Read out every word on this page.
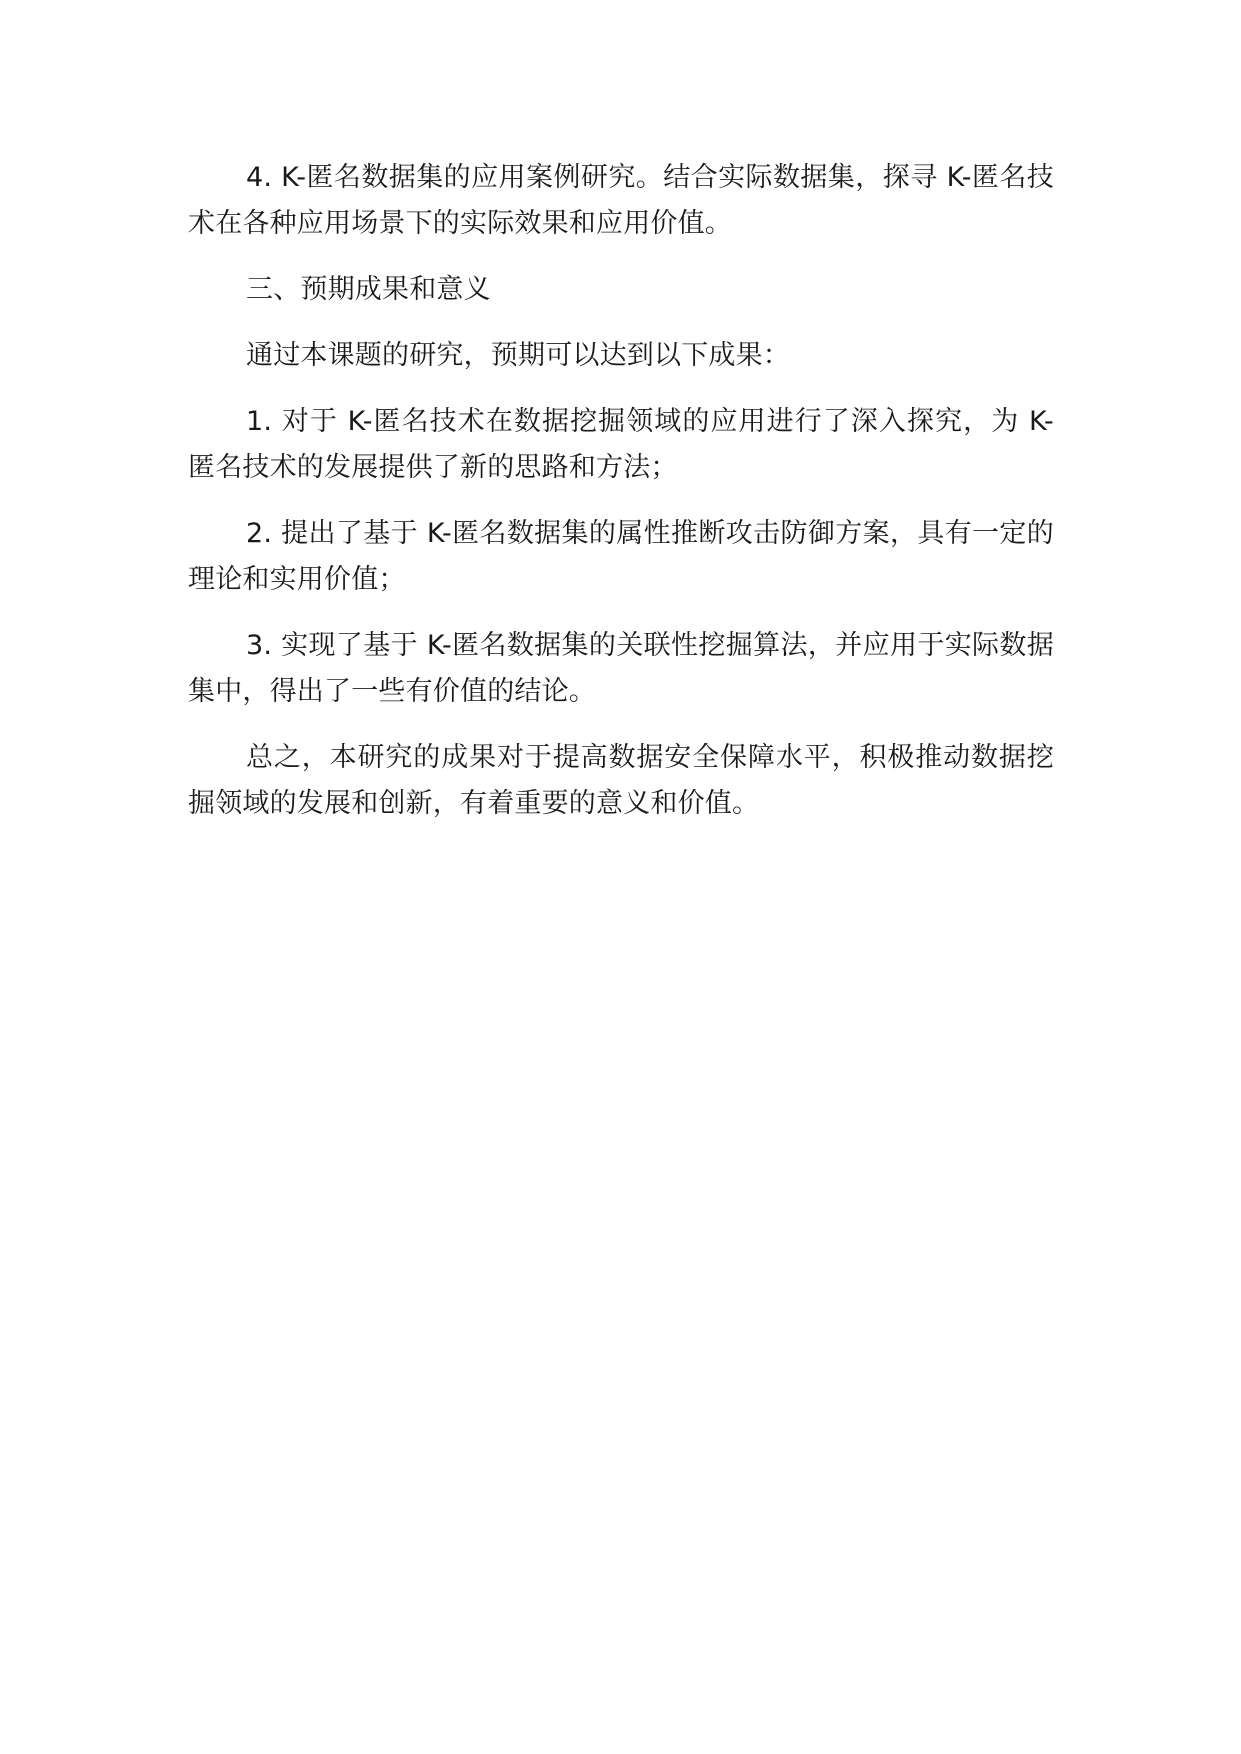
4. K-匿名数据集的应用案例研究。结合实际数据集，探寻 K-匿名技术在各种应用场景下的实际效果和应用价值。

三、预期成果和意义

通过本课题的研究，预期可以达到以下成果：

1. 对于 K-匿名技术在数据挖掘领域的应用进行了深入探究，为 K-匿名技术的发展提供了新的思路和方法；

2. 提出了基于 K-匿名数据集的属性推断攻击防御方案，具有一定的理论和实用价值；

3. 实现了基于 K-匿名数据集的关联性挖掘算法，并应用于实际数据集中，得出了一些有价值的结论。

总之，本研究的成果对于提高数据安全保障水平，积极推动数据挖掘领域的发展和创新，有着重要的意义和价值。
